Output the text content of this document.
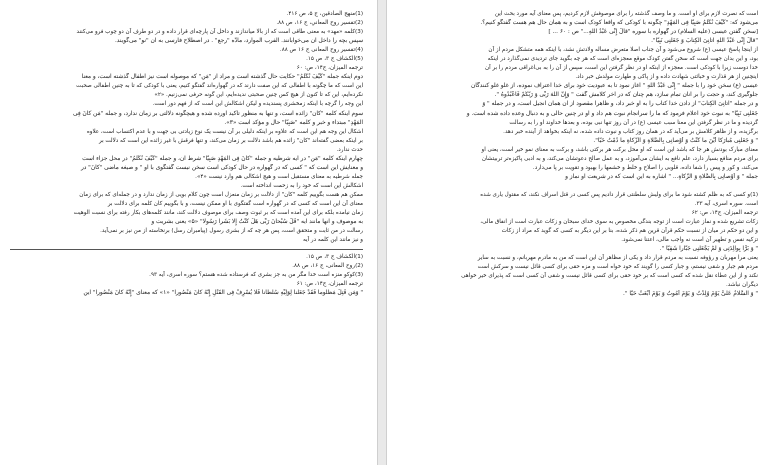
(1)منهج الصادقين، ج ۵، ص ۴۱۶.
(2)تفسير روح المعاني، ج ۱۶، ص ۸۸.
(3)کلمه «مهد» به معنی طاقی است که از بالا میاندازند و داخل آن پارچه‌ای قرار داده و در دو طرف آن دو چوب فرو می‌کنند
سپس بچه را داخل آن می‌خوابانند. الفرب الموارد، مادّه "رجع" . در اصطلاح فارسی به آن "نو" می‌گویند.
(4)تفسیر روح المعانی ج ۱۶ ص ۸۸.
(5)الکشاف ج ۳، ص ۱۵.
ترجمه المیزان، ج۱۴، ص: ۶۰
دوم اینکه جمله "کَیْفَ نُکَلِّمُ" حکایت حال گذشته است و مراد از "مَن" که موصوله است نیز اطفال گذشته است، و معنا
این است که ما چگونه با اطفالی که این صفت دارند که در گهواره‌اند گفتگو کنیم، یعنی با کودکی که تا به چنین اطفالی صحبت
نکرده‌ایم، این که تا کنون از هیچ کس چنین صحبتی ندیده‌ایم، این گونه حرفی نمی‌زنیم. «۲»
این وجه را گرچه با اینکه زمخشری پسندیده و لیکن اشکالش این است که از فهم دور است.
سوم اینکه کلمه "کان" زائده است، و تنها به منظور تاکید آورده شده و هیچگونه دلالتی بر زمان ندارد، و جمله "مَن کانَ فِی
الْمَهْدِ" مبتداء و خبر و کلمه "صَبِیًّا" حال و مؤکد است «۳».
اشکال این وجه هم این است که علاوه بر اینکه دلیلی بر آن نیست یک نوع زیادتی بی جهت و با عدم اکتساب است، علاوه
بر اینکه بعضی گفته‌اند "کان" زائده هم باشد دلالت بر زمان می‌کند، و تنها فرقش با غیر زائده این است که دلالت بر
حدث ندارد.
چهارم اینکه کلمه "مَن" در آیه شرطیه و جمله "کانَ فِی الْمَهْدِ صَبِیًّا" شرط آن، و جمله "کَیْفَ نُکَلِّمُ" در محل جزاء است
و معنایش این است که " کسی که در گهواره در حال کودکی است سخن نیست گفتگوی با او " و صیغه ماضی "کانَ" در
جمله شرطیه به معنای مستقبل است و هیچ اشکالی هم وارد نیست «۴».
اشکالش این است که خود را به زحمت انداخته است.
ممکن هم هست بگوییم کلمه "کان" از دلالت بر زمان منعزل است چون کلام بویی از زمان ندارد و در جمله‌ای که برای زمان
معنای آن این است که کسی که در گهواره است گفتگوی با او ممکن نیست، و با بگوییم کان کلمه برای دلالت بر
زمان نیامده بلکه برای این آمده است که بر ثبوت وصف برای موصوف دلالت کند، مانند کلمه‌های بکار رفته برای نسبت الوهیت
به موصوف و آنها مانند آیه "قُلْ سُبْحانَ رَبِّی هَلْ کُنْتُ إِلَّا بَشَراً رَسُولًا" «۵» یعنی بشریت و
رسالت در من ثابت و متحقق است، پس هر چه که از بشری رسول (پیامبران رسل) برنخاسته از من نیز بر نمی‌آید.
و نیز مانند این کلمه در آیه
(1)الکشاف ج ۳، ص ۱۵.
(2)روح المعانی، ج ۱۶، ص ۸۸.
(3)کوکو منزه است خدا مگر من به جز بشری که فرستاده شده هستم؟ سوره اسری، آیه ۹۳.
ترجمه المیزان، ج۱۴، ص: ۶۱
" وَمَن قُتِلَ مَظْلُوماً فَقَدْ جَعَلْنا لِوَلِیِّهِ سُلْطاناً فَلا یُسْرِفْ فِی الْقَتْلِ إِنَّهُ کانَ مَنْصُوراً" «۱» که معنای "إِنَّهُ کانَ مَنْصُوراً" این
است که نصرت لازم برای او است. و ما وصف گذشته را برای موصوفش لازم کردیم، پس معنای آیه مورد بحث این
می‌شود که: "کَیْفَ نُکَلِّمُ صَبِیًّا فِی الْمَهْدِ" چگونه با کودکی که واقعاً کودک است و به همان حال هم هست گفتگو کنیم؟.
[سخن گفتن عیسی (علیه السلام) در گهواره با سوره "قالَ إِنِّی عَبْدُ اللَّهِ..." ص : ۶۰ ... ]
"قالَ إِنِّی عَبْدُ اللَّهِ آتانِیَ الْکِتابَ وَ جَعَلَنِی نَبِیًّا".
از اینجا پاسخ عیسی (ع) شروع می‌شود و آن جناب اصلا متعرض مسأله ولادتش نشد، با اینکه همه متشکل مردم از آن
بود، و این بدان جهت است که سخن گفتن کودک موقع معجزه‌ای است که هر چه بگوید جای تردیدی نمی‌گذارد در اینکه
خدا دوست زیرا با کودکی است. معجزه از اینکه او در نظر گرفتن این است، سپس از آن را به بی‌اغراقی مردم را بر آن
اینچنین از هر قذارت و خباثتی شهادت داده و از پاکی و طهارت مولدش خبر داد.
عیسی (ع) سخن خود را با جمله " إِنِّی عَبْدُ اللَّهِ " آغاز نمود تا به عبودیت خود برای خدا اعتراف نموده، از غلو غلو کنندگان
جلوگیری کند، و حجت را بر آنان تمام سازد، هم چنان که در آخر کلامش گفت " وَإِنَّ اللَّهَ رَبِّی وَ رَبُّکُمْ فَاعْبُدُوهُ ".
و در جمله "آتانِیَ الْکِتابَ" از دادن خدا کتاب را به او خبر داد، و ظاهرا مقصود از آن همان انجیل است، و در جمله " وَ
جَعَلَنِی نَبِیًّا" به نبوت خود اعلام فرمود که ما را سرانجام نبوت هم داد و او در چنین حالی و به دنبال وعده داده شده است. و
گردیده و ما در نظر گرفتن این معنا سبب عیسی (ع) در آن روز تنها نبی بوده، و بعدها خداوند او را به رسالت
برگزیده، و از ظاهر کلامش بر می‌آید که در همان روز کتاب و نبوت داده شده، نه اینکه بخواهد از آینده خبر دهد.
" وَ جَعَلَنِی مُبارَکاً أَیْنَ ما کُنْتُ وَ أَوْصانِی بِالصَّلاةِ وَ الزَّکاةِ ما دُمْتُ حَیًّا".
معنای مبارک بودنش هر جا که باشد این است که او محل برکت هر برکتی باشد، و برکت به معنای نمو خیر است، یعنی او
برای مردم منافع بسیار دارد، علم نافع به ایشان می‌آموزد، و به عمل صالح دعوتشان می‌کند، و به ادبی پاکیزه‌تر تربیتشان
می‌کند، و کور و پیس را شفا داده، قلوبی را اصلاح و خلط و خشمها را بهبود و تقویت بر پا می‌دارد.
جمله " وَ أَوْصانِی بِالصَّلاةِ وَ الزَّکاةِ... " اشاره به این است که در شریعت او نماز و
(1)و کسی که به ظلم کشته شود ما برای ولیش سلطنتی قرار دادیم پس کسی در قتل اسراف نکند، که مقتول یاری شده
است. سوره اسری، آیه ۳۳.
ترجمه المیزان، ج۱۴، ص: ۶۲
زکات تشریع شده و نماز عبارت است از توجه بندگی مخصوص به سوی خدای سبحان و زکات عبارت است از انفاق مالی،
و این دو حکم در میان از نسبت حکم قرآن قرین هم ذکر شده، بنا بر این دیگر به کسی که گوید که مراد از زکات
تزکیه نفس و تطهیر آن است نه واجب مالی، اعتنا نمی‌شود.
" وَ بَرًّا بِوالِدَتِی وَ لَمْ یَجْعَلْنِی جَبَّاراً شَقِیًّا ".
یعنی مرا مهربان و رؤوفه نسبت به مردم قرار داد و یکی از مظاهر آن این است که من به مادرم مهربانم، و نسبت به سایر
مردم هم جبار و شقی نیستم، و جبار کسی را گویند که خود خواه است و مزه حقی برای کسی قائل نیست و سرکش است
نکند و از این عطاء نقل شده که کسی است که بر خود حقی برای کسی قائل نیست و شقی آن کسی است که پذیرای خیر خواهی
دیگران نباشد.
" وَ السَّلامُ عَلَیَّ یَوْمَ وُلِدْتُ وَ یَوْمَ أَمُوتُ وَ یَوْمَ أُبْعَثُ حَیًّا ".
